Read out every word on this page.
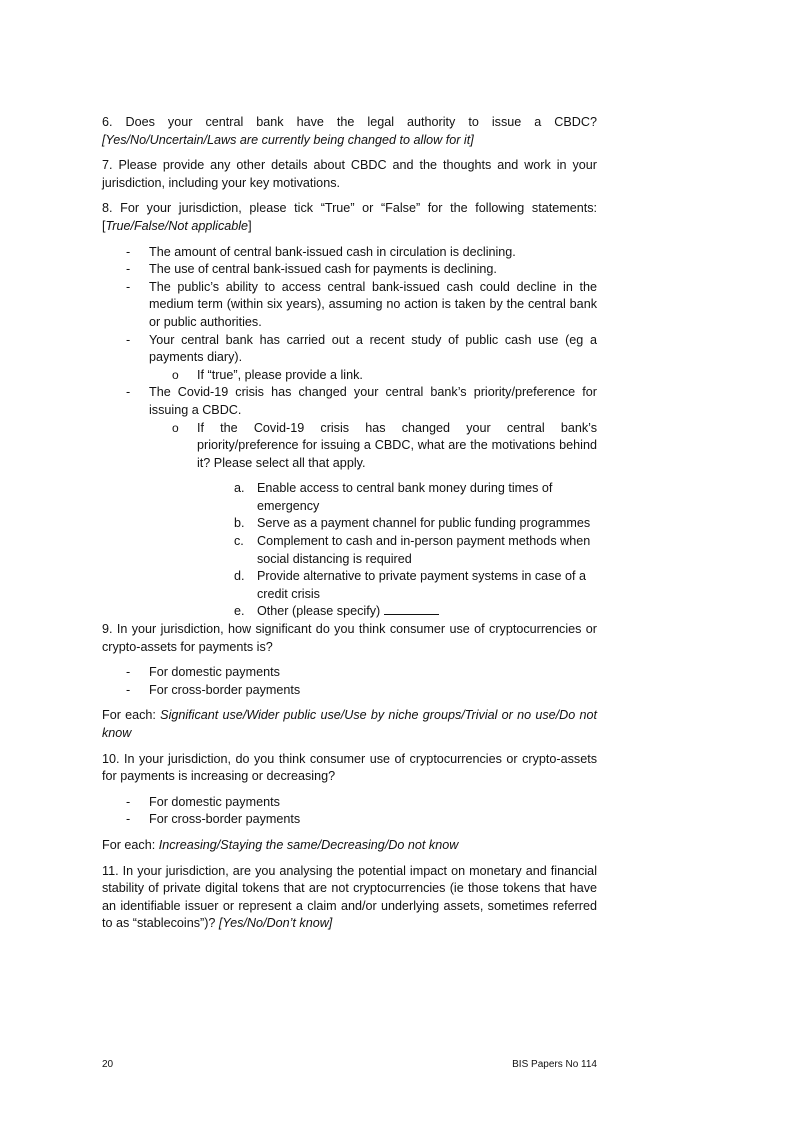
6. Does your central bank have the legal authority to issue a CBDC? [Yes/No/Uncertain/Laws are currently being changed to allow for it]

7. Please provide any other details about CBDC and the thoughts and work in your jurisdiction, including your key motivations.

8. For your jurisdiction, please tick “True” or “False” for the following statements: [True/False/Not applicable]

- The amount of central bank-issued cash in circulation is declining.
- The use of central bank-issued cash for payments is declining.
- The public’s ability to access central bank-issued cash could decline in the medium term (within six years), assuming no action is taken by the central bank or public authorities.
- Your central bank has carried out a recent study of public cash use (eg a payments diary).
o If “true”, please provide a link.
- The Covid-19 crisis has changed your central bank’s priority/preference for issuing a CBDC.
o If the Covid-19 crisis has changed your central bank’s priority/preference for issuing a CBDC, what are the motivations behind it? Please select all that apply.
a. Enable access to central bank money during times of emergency
b. Serve as a payment channel for public funding programmes
c. Complement to cash and in-person payment methods when social distancing is required
d. Provide alternative to private payment systems in case of a credit crisis
e. Other (please specify)

9. In your jurisdiction, how significant do you think consumer use of cryptocurrencies or crypto-assets for payments is?

- For domestic payments
- For cross-border payments

For each: Significant use/Wider public use/Use by niche groups/Trivial or no use/Do not know

10. In your jurisdiction, do you think consumer use of cryptocurrencies or crypto-assets for payments is increasing or decreasing?

- For domestic payments
- For cross-border payments

For each: Increasing/Staying the same/Decreasing/Do not know

11. In your jurisdiction, are you analysing the potential impact on monetary and financial stability of private digital tokens that are not cryptocurrencies (ie those tokens that have an identifiable issuer or represent a claim and/or underlying assets, sometimes referred to as “stablecoins”)? [Yes/No/Don’t know]

20	BIS Papers No 114
